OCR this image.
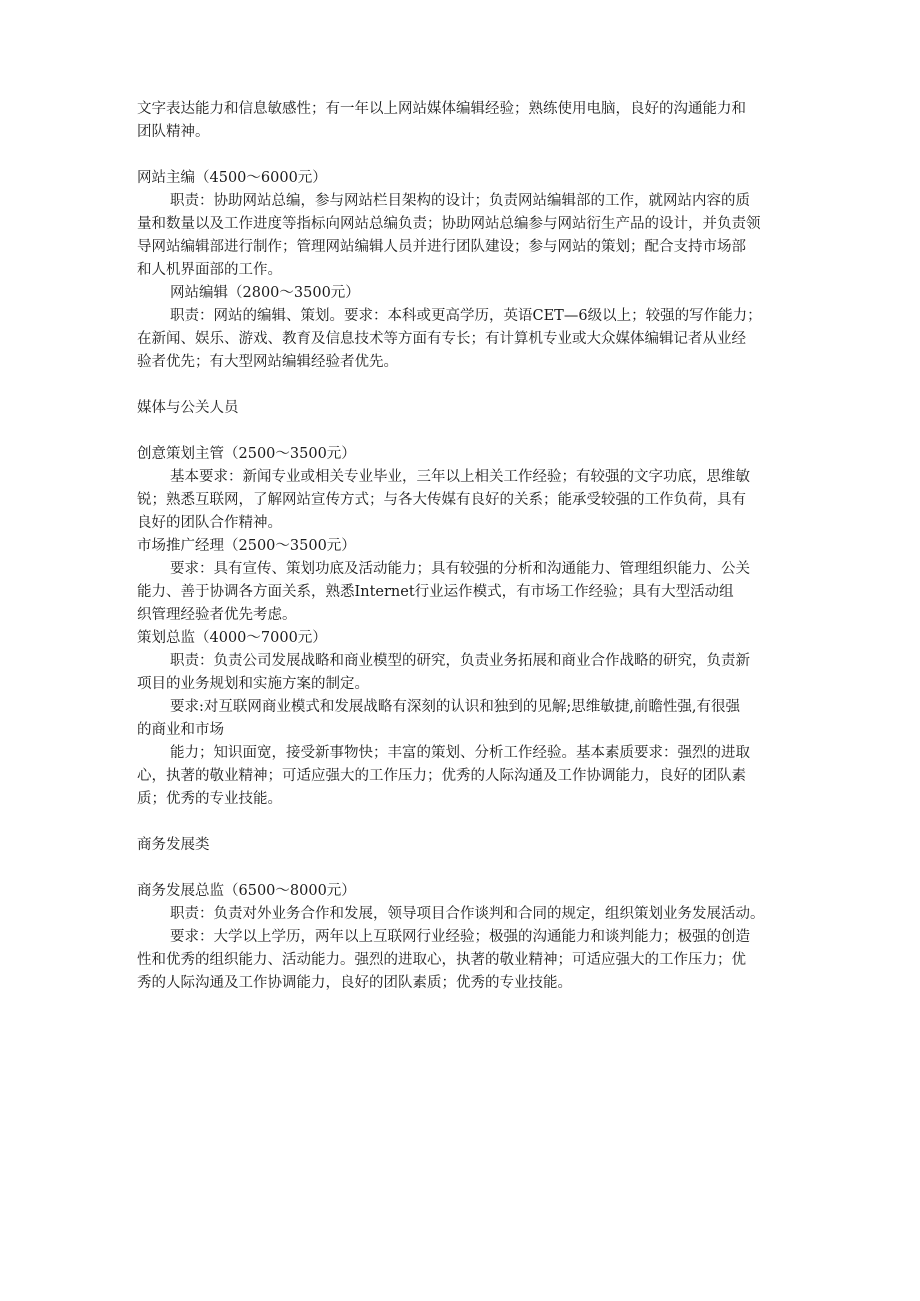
文字表达能力和信息敏感性；有一年以上网站媒体编辑经验；熟练使用电脑，良好的沟通能力和
团队精神。
网站主编（4500～6000元）
职责：协助网站总编，参与网站栏目架构的设计；负责网站编辑部的工作，就网站内容的质
量和数量以及工作进度等指标向网站总编负责；协助网站总编参与网站衍生产品的设计，并负责领
导网站编辑部进行制作；管理网站编辑人员并进行团队建设；参与网站的策划；配合支持市场部
和人机界面部的工作。
网站编辑（2800～3500元）
职责：网站的编辑、策划。要求：本科或更高学历，英语CET—6级以上；较强的写作能力；
在新闻、娱乐、游戏、教育及信息技术等方面有专长；有计算机专业或大众媒体编辑记者从业经
验者优先；有大型网站编辑经验者优先。
媒体与公关人员
创意策划主管（2500～3500元）
基本要求：新闻专业或相关专业毕业，三年以上相关工作经验；有较强的文字功底，思维敏
锐；熟悉互联网，了解网站宣传方式；与各大传媒有良好的关系；能承受较强的工作负荷，具有
良好的团队合作精神。
市场推广经理（2500～3500元）
要求：具有宣传、策划功底及活动能力；具有较强的分析和沟通能力、管理组织能力、公关
能力、善于协调各方面关系，熟悉Internet行业运作模式，有市场工作经验；具有大型活动组
织管理经验者优先考虑。
策划总监（4000～7000元）
职责：负责公司发展战略和商业模型的研究，负责业务拓展和商业合作战略的研究，负责新
项目的业务规划和实施方案的制定。
要求:对互联网商业模式和发展战略有深刻的认识和独到的见解;思维敏捷,前瞻性强,有很强
的商业和市场
能力；知识面宽，接受新事物快；丰富的策划、分析工作经验。基本素质要求：强烈的进取
心，执著的敬业精神；可适应强大的工作压力；优秀的人际沟通及工作协调能力，良好的团队素
质；优秀的专业技能。
商务发展类
商务发展总监（6500～8000元）
职责：负责对外业务合作和发展，领导项目合作谈判和合同的规定，组织策划业务发展活动。
要求：大学以上学历，两年以上互联网行业经验；极强的沟通能力和谈判能力；极强的创造
性和优秀的组织能力、活动能力。强烈的进取心，执著的敬业精神；可适应强大的工作压力；优
秀的人际沟通及工作协调能力，良好的团队素质；优秀的专业技能。
